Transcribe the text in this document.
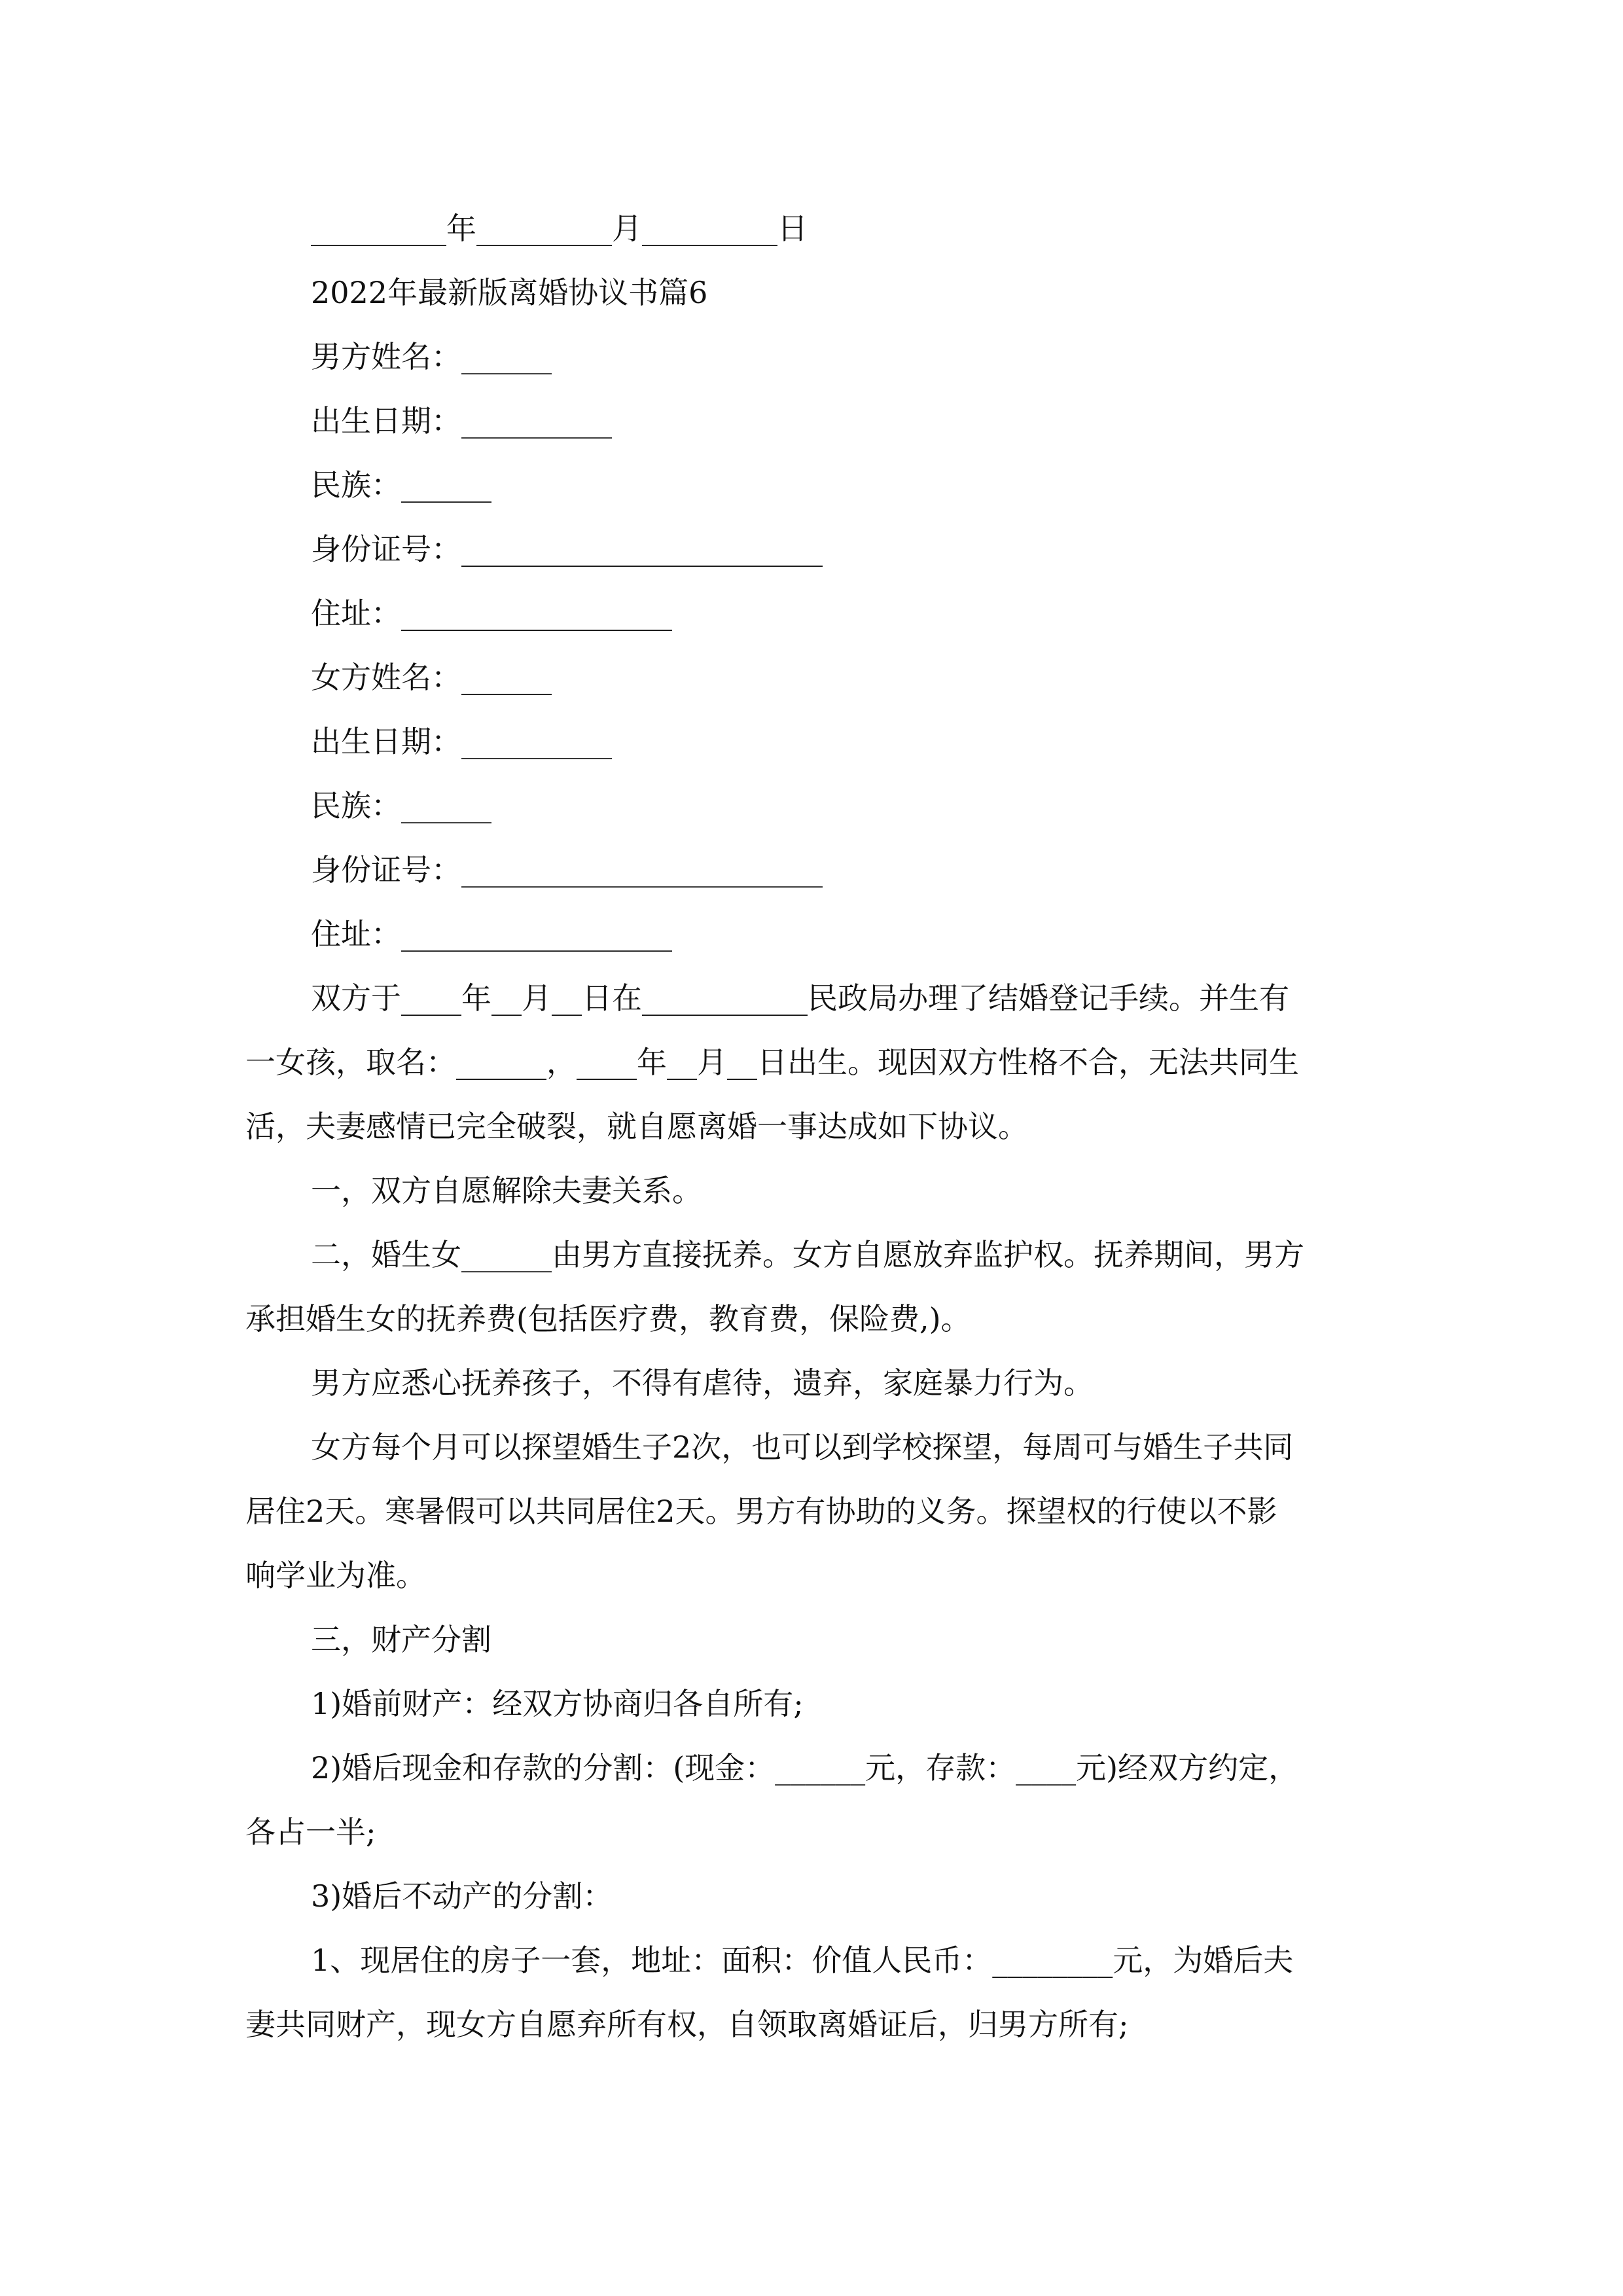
_________年_________月_________日
2022年最新版离婚协议书篇6
男方姓名：______
出生日期：__________
民族：______
身份证号：________________________
住址：__________________
女方姓名：______
出生日期：__________
民族：______
身份证号：________________________
住址：__________________
双方于____年__月__日在___________民政局办理了结婚登记手续。并生有
一女孩，取名：______，____年__月__日出生。现因双方性格不合，无法共同生
活，夫妻感情已完全破裂，就自愿离婚一事达成如下协议。
一，双方自愿解除夫妻关系。
二，婚生女______由男方直接抚养。女方自愿放弃监护权。抚养期间，男方
承担婚生女的抚养费(包括医疗费，教育费，保险费,)。
男方应悉心抚养孩子，不得有虐待，遗弃，家庭暴力行为。
女方每个月可以探望婚生子2次，也可以到学校探望，每周可与婚生子共同
居住2天。寒暑假可以共同居住2天。男方有协助的义务。探望权的行使以不影
响学业为准。
三，财产分割
1)婚前财产：经双方协商归各自所有;
2)婚后现金和存款的分割：(现金：______元，存款：____元)经双方约定，
各占一半;
3)婚后不动产的分割：
1、现居住的房子一套，地址：面积：价值人民币：________元，为婚后夫
妻共同财产，现女方自愿弃所有权，自领取离婚证后，归男方所有;
